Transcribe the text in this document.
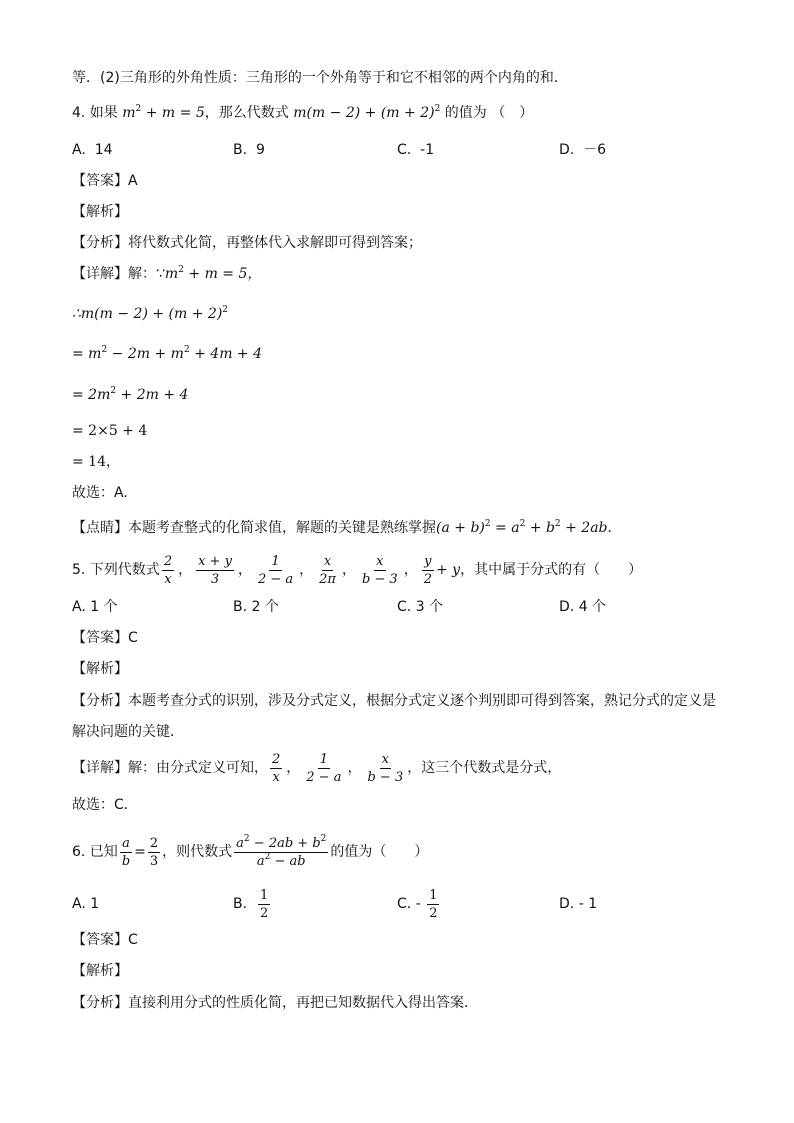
等．(2)三角形的外角性质：三角形的一个外角等于和它不相邻的两个内角的和．
4. 如果 $m^2 + m = 5$，那么代数式 $m(m - 2) + (m + 2)^2$ 的值为 （　）
A. 14	B. 9	C. -1	D. －6
【答案】A
【解析】
【分析】将代数式化简，再整体代入求解即可得到答案；
【详解】解：$\because m^2 + m = 5$，
∴m(m − $2) + (m + 2)^2$
= $m^2 - 2m + m^2 + 4m + 4$
= $2m^2 + 2m + 4$
= 2×5 + 4
= 14，
故选：A.
【点睛】本题考查整式的化简求值，解题的关键是熟练掌握$(a + b)^2 = a^2 + b^2 + 2ab$．
5. 下列代数式 $\frac{2}{x}$ ， $\frac{x + y}{3}$ ， $\frac{1}{2 - a}$ ， $\frac{x}{2\pi}$ ， $\frac{x}{b - 3}$ ， $\frac{y}{2} + y$，其中属于分式的有（　　）
A. 1 个	B. 2 个	C. 3 个	D. 4 个
【答案】C
【解析】
【分析】本题考查分式的识别，涉及分式定义，根据分式定义逐个判别即可得到答案，熟记分式的定义是
解决问题的关键．
【详解】解：由分式定义可知， $\frac{2}{x}$ ， $\frac{1}{2 - a}$ ， $\frac{x}{b - 3}$ ，这三个代数式是分式，
故选：C．
6. 已知 $\frac{a}{b} = \frac{2}{3}$ ，则代数式 $\frac{a^2 - 2ab + b^2}{a^2 - ab}$ 的值为（　　）
A. 1	B. $\frac{1}{2}$	C. - $\frac{1}{2}$	D. - 1
【答案】C
【解析】
【分析】直接利用分式的性质化简，再把已知数据代入得出答案．
